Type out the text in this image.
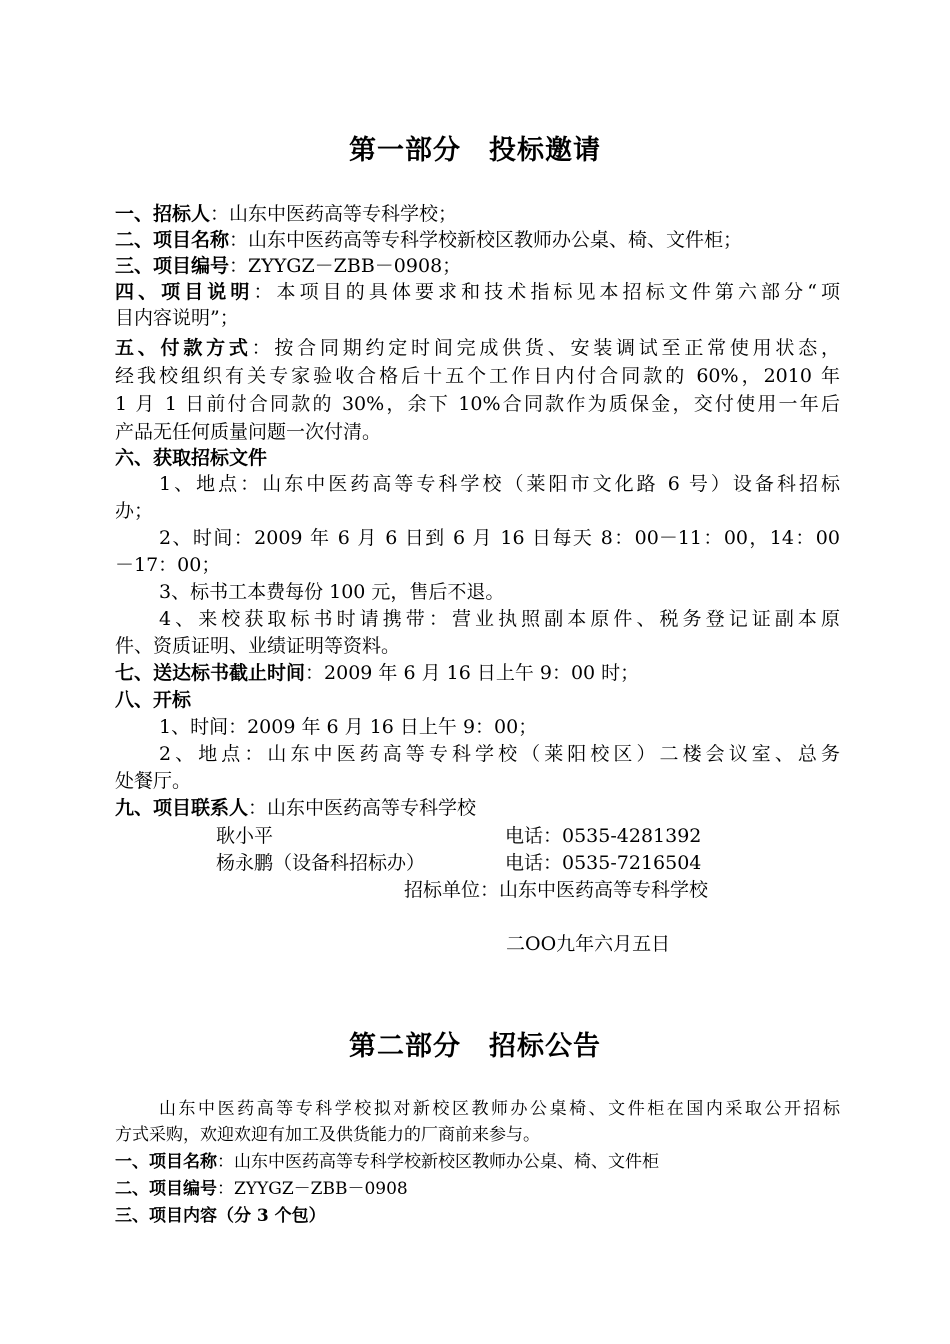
第一部分　投标邀请
一、招标人：山东中医药高等专科学校；
二、项目名称：山东中医药高等专科学校新校区教师办公桌、椅、文件柜；
三、项目编号：ZYYGZ－ZBB－0908；
四、项目说明：本项目的具体要求和技术指标见本招标文件第六部分“项
目内容说明”；
五、付款方式：按合同期约定时间完成供货、安装调试至正常使用状态，
经我校组织有关专家验收合格后十五个工作日内付合同款的 60%，2010 年
1 月 1 日前付合同款的 30%，余下 10%合同款作为质保金，交付使用一年后
产品无任何质量问题一次付清。
六、获取招标文件
1、地点：山东中医药高等专科学校（莱阳市文化路 6 号）设备科招标
办；
2、时间：2009 年 6 月 6 日到 6 月 16 日每天 8：00－11：00，14：00
－17：00；
3、标书工本费每份 100 元，售后不退。
4、来校获取标书时请携带：营业执照副本原件、税务登记证副本原
件、资质证明、业绩证明等资料。
七、送达标书截止时间：2009 年 6 月 16 日上午 9：00 时；
八、开标
1、时间：2009 年 6 月 16 日上午 9：00；
2、地点：山东中医药高等专科学校（莱阳校区）二楼会议室、总务
处餐厅。
九、项目联系人：山东中医药高等专科学校
耿小平	电话：0535-4281392
杨永鹏（设备科招标办）	电话：0535-7216504
招标单位：山东中医药高等专科学校
二OO九年六月五日
第二部分　招标公告
山东中医药高等专科学校拟对新校区教师办公桌椅、文件柜在国内采取公开招标
方式采购，欢迎欢迎有加工及供货能力的厂商前来参与。
一、项目名称：山东中医药高等专科学校新校区教师办公桌、椅、文件柜
二、项目编号：ZYYGZ－ZBB－0908
三、项目内容（分 3 个包）
